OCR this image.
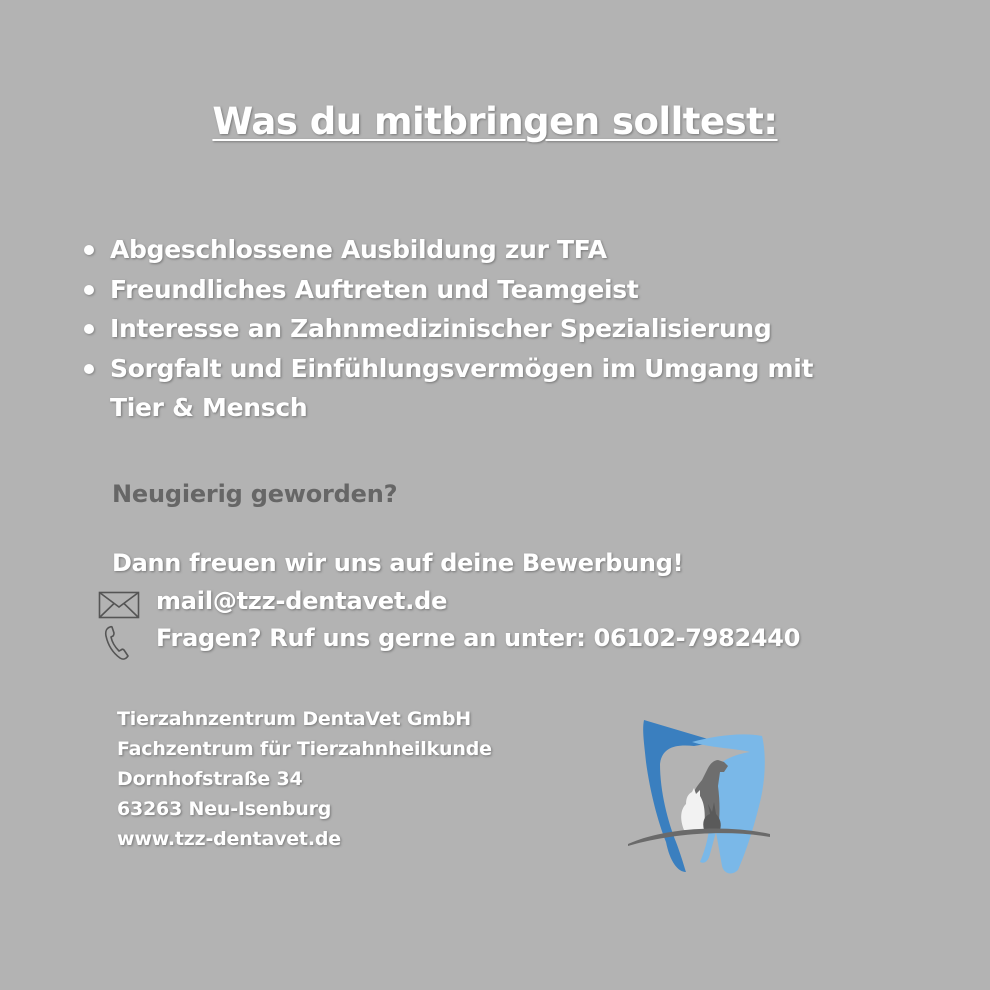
Was du mitbringen solltest:
Abgeschlossene Ausbildung zur TFA
Freundliches Auftreten und Teamgeist
Interesse an Zahnmedizinischer Spezialisierung
Sorgfalt und Einfühlungsvermögen im Umgang mit
Tier & Mensch
Neugierig geworden?
Dann freuen wir uns auf deine Bewerbung!
mail@tzz-dentavet.de
Fragen? Ruf uns gerne an unter: 06102-7982440
Tierzahnzentrum DentaVet GmbH
Fachzentrum für Tierzahnheilkunde
Dornhofstraße 34
63263 Neu-Isenburg
www.tzz-dentavet.de
